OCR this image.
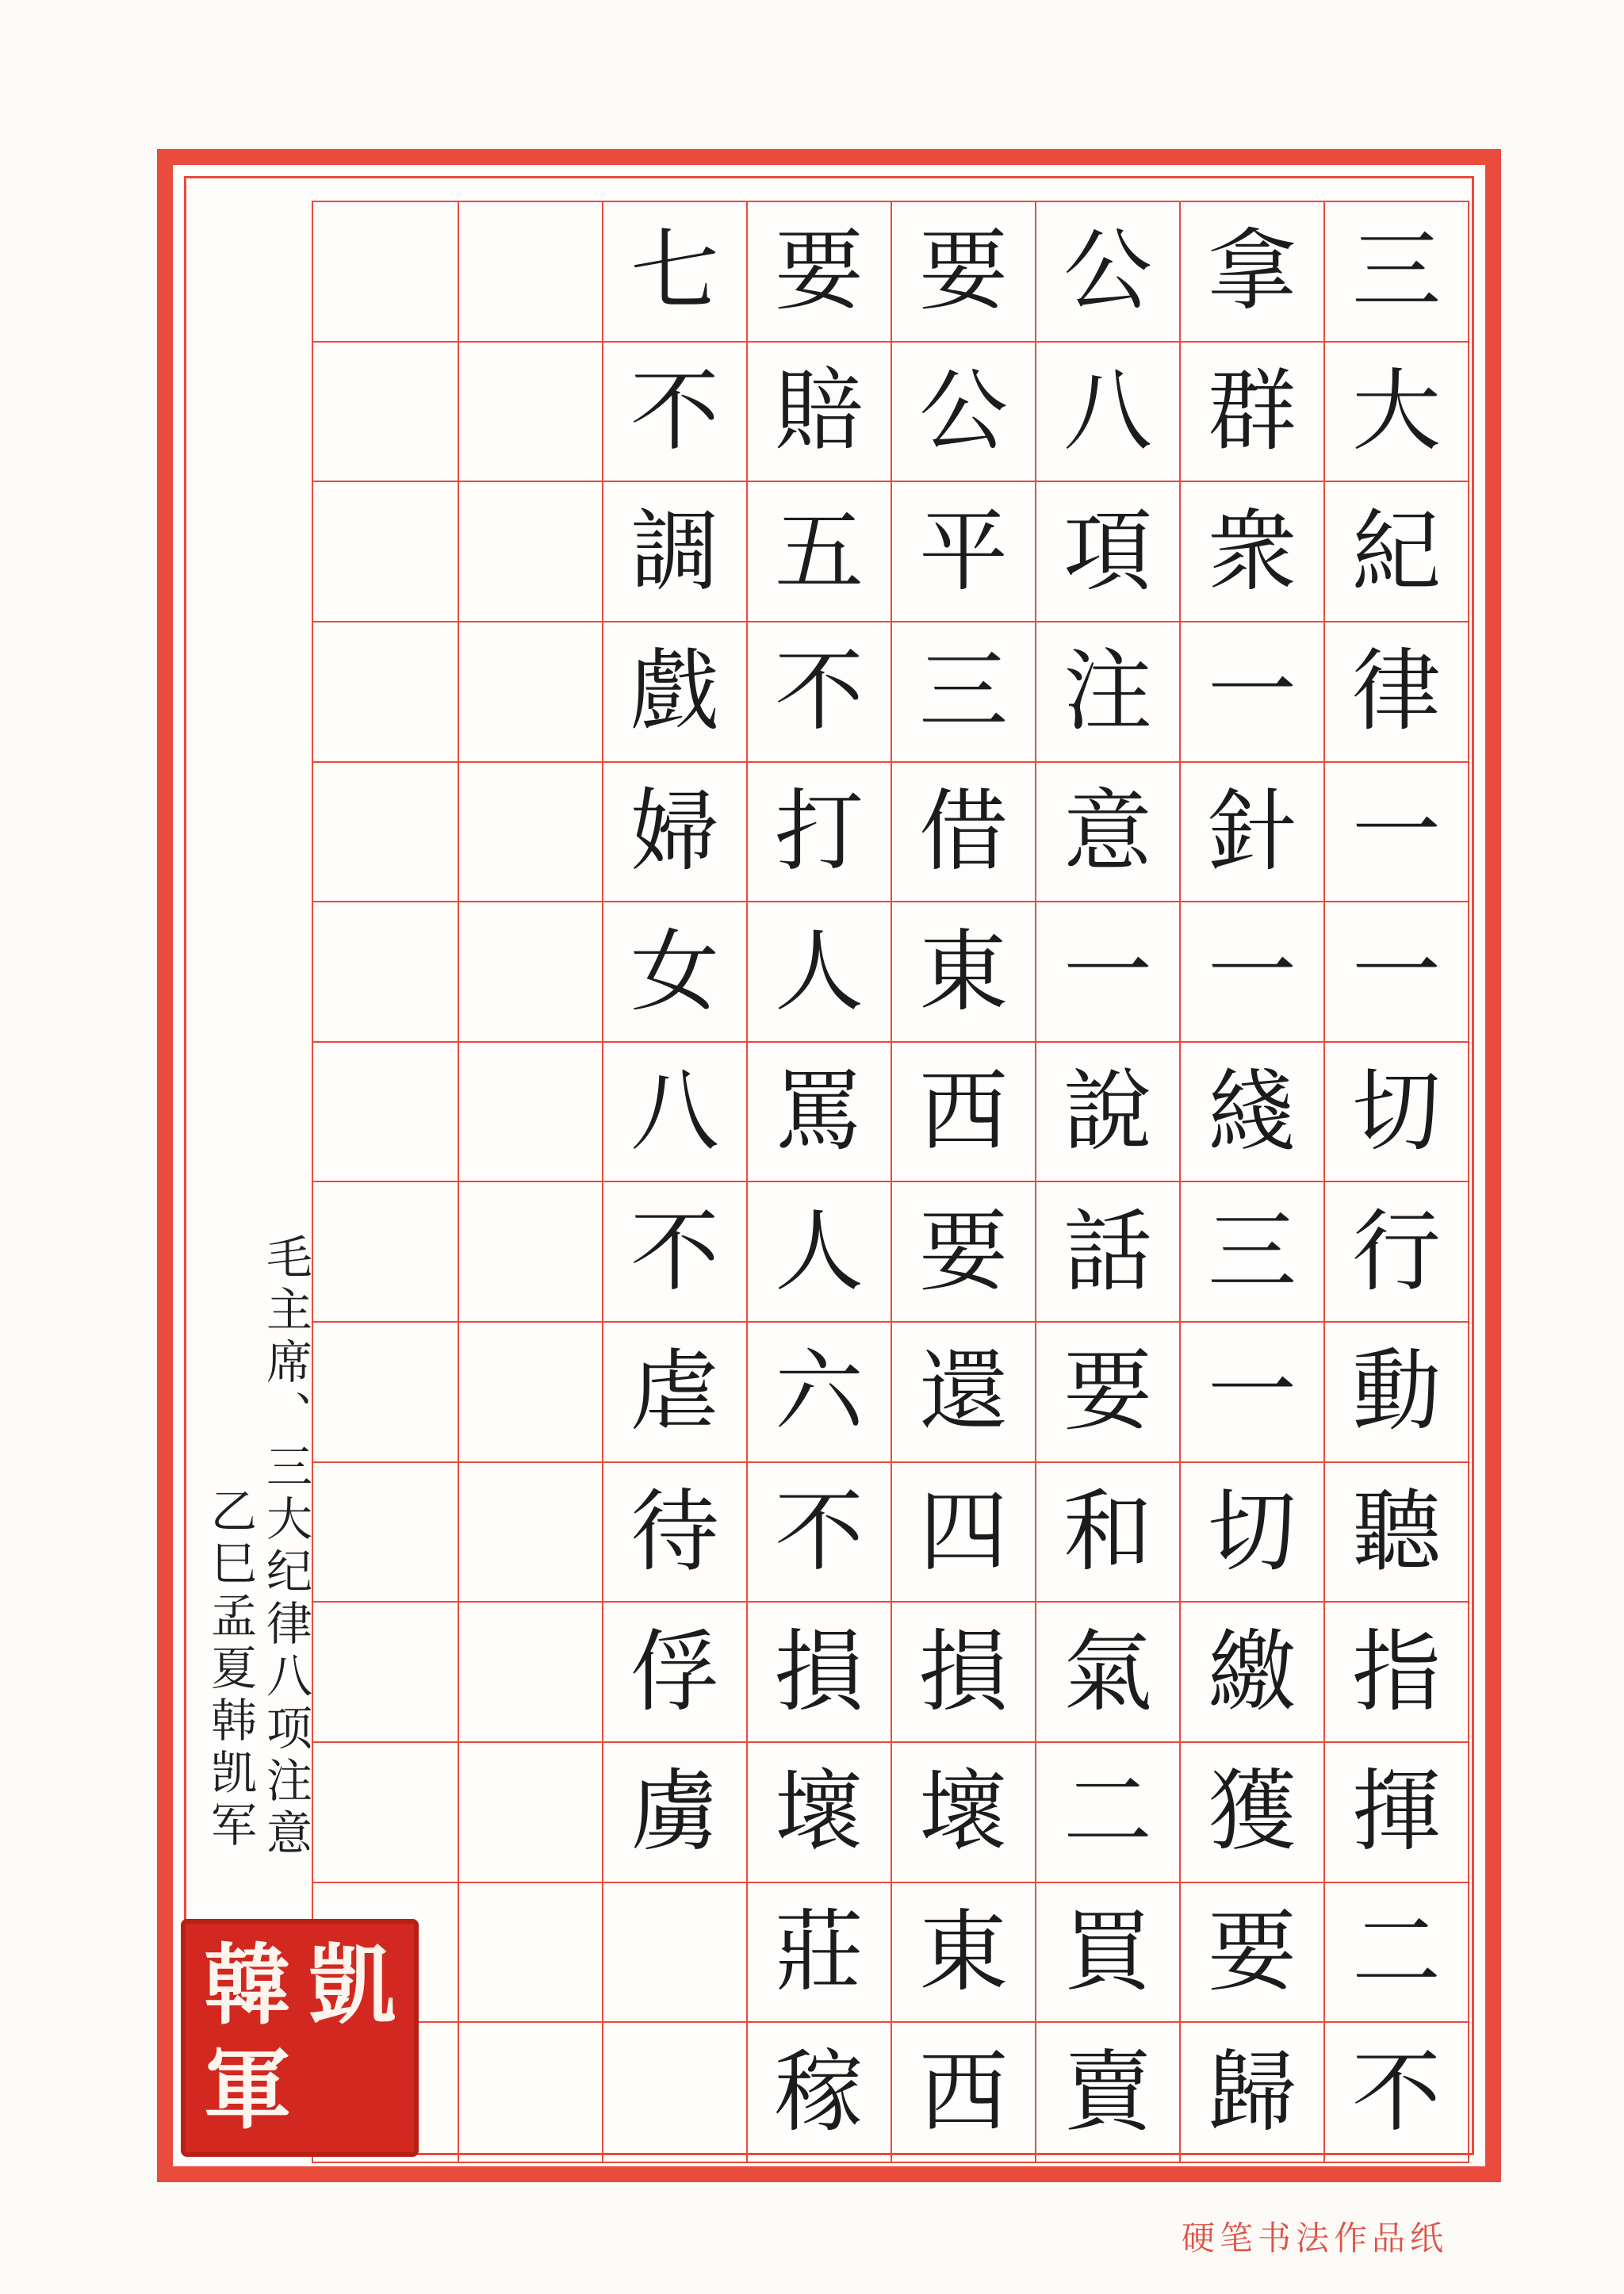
三
大
紀
律
一
一
切
行
動
聽
指
揮
二
不
拿
群
衆
一
針
一
綫
三
一
切
繳
獲
要
歸
公
八
項
注
意
一
說
話
要
和
氣
二
買
賣
要
公
平
三
借
東
西
要
還
四
損
壞
東
西
要
賠
五
不
打
人
罵
人
六
不
損
壞
莊
稼
七
不
調
戲
婦
女
八
不
虐
待
俘
虜
毛主席、三大纪律八项注意
乙巳孟夏韩凯军
韓 凱
軍
硬笔书法作品纸
